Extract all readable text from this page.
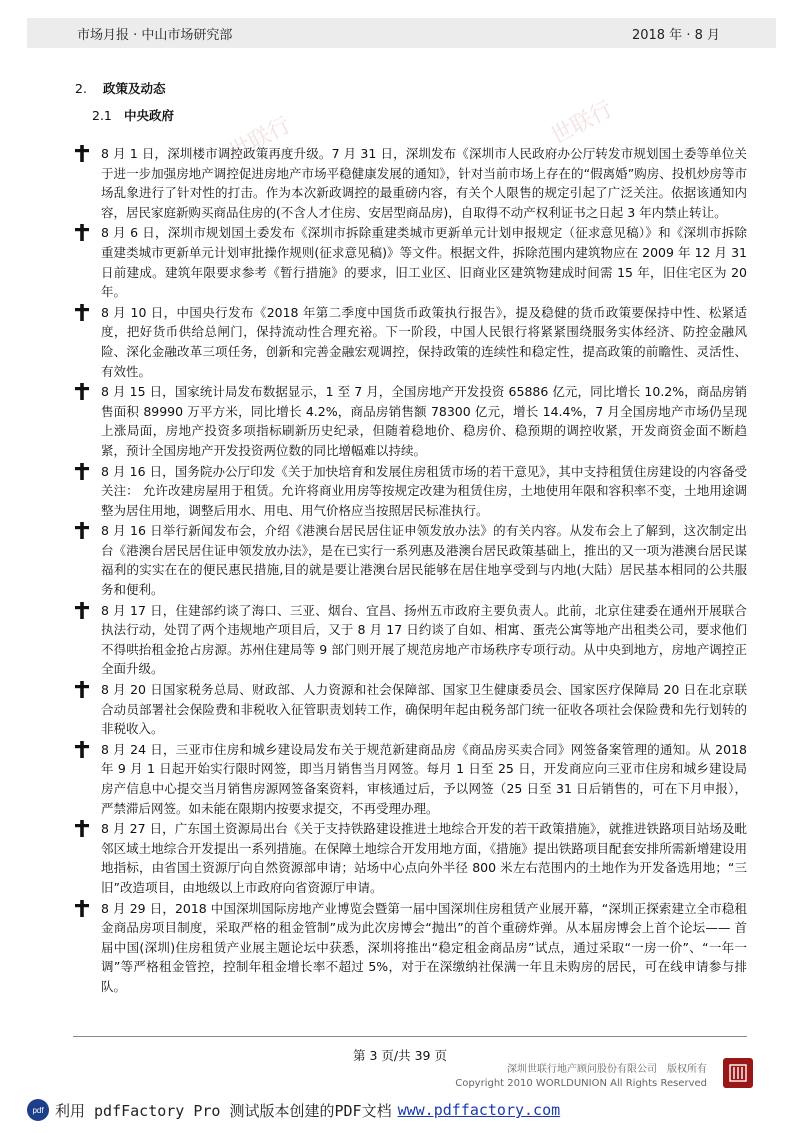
市场月报 · 中山市场研究部	2018 年 · 8 月
世联行	世联行
2. 政策及动态
2.1 中央政府
8 月 1 日，深圳楼市调控政策再度升级。7 月 31 日，深圳发布《深圳市人民政府办公厅转发市规划国土委等单位关于进一步加强房地产调控促进房地产市场平稳健康发展的通知》，针对当前市场上存在的“假离婚”购房、投机炒房等市场乱象进行了针对性的打击。作为本次新政调控的最重磅内容，有关个人限售的规定引起了广泛关注。依据该通知内容，居民家庭新购买商品住房的(不含人才住房、安居型商品房)，自取得不动产权利证书之日起 3 年内禁止转让。
8 月 6 日，深圳市规划国土委发布《深圳市拆除重建类城市更新单元计划申报规定（征求意见稿）》和《深圳市拆除重建类城市更新单元计划审批操作规则(征求意见稿)》等文件。根据文件，拆除范围内建筑物应在 2009 年 12 月 31 日前建成。建筑年限要求参考《暂行措施》的要求，旧工业区、旧商业区建筑物建成时间需 15 年，旧住宅区为 20 年。
8 月 10 日，中国央行发布《2018 年第二季度中国货币政策执行报告》，提及稳健的货币政策要保持中性、松紧适度，把好货币供给总闸门，保持流动性合理充裕。下一阶段，中国人民银行将紧紧围绕服务实体经济、防控金融风险、深化金融改革三项任务，创新和完善金融宏观调控，保持政策的连续性和稳定性，提高政策的前瞻性、灵活性、有效性。
8 月 15 日，国家统计局发布数据显示，1 至 7 月，全国房地产开发投资 65886 亿元，同比增长 10.2%，商品房销售面积 89990 万平方米，同比增长 4.2%，商品房销售额 78300 亿元，增长 14.4%，7 月全国房地产市场仍呈现上涨局面，房地产投资多项指标刷新历史纪录，但随着稳地价、稳房价、稳预期的调控收紧，开发商资金面不断趋紧，预计全国房地产开发投资两位数的同比增幅难以持续。
8 月 16 日，国务院办公厅印发《关于加快培育和发展住房租赁市场的若干意见》，其中支持租赁住房建设的内容备受关注： 允许改建房屋用于租赁。允许将商业用房等按规定改建为租赁住房，土地使用年限和容积率不变，土地用途调整为居住用地，调整后用水、用电、用气价格应当按照居民标准执行。
8 月 16 日举行新闻发布会，介绍《港澳台居民居住证申领发放办法》的有关内容。从发布会上了解到，这次制定出台《港澳台居民居住证申领发放办法》，是在已实行一系列惠及港澳台居民政策基础上，推出的又一项为港澳台居民谋福利的实实在在的便民惠民措施,目的就是要让港澳台居民能够在居住地享受到与内地(大陆）居民基本相同的公共服务和便利。
8 月 17 日，住建部约谈了海口、三亚、烟台、宜昌、扬州五市政府主要负责人。此前，北京住建委在通州开展联合执法行动，处罚了两个违规地产项目后，又于 8 月 17 日约谈了自如、相寓、蛋壳公寓等地产出租类公司，要求他们不得哄抬租金抢占房源。苏州住建局等 9 部门则开展了规范房地产市场秩序专项行动。从中央到地方，房地产调控正全面升级。
8 月 20 日国家税务总局、财政部、人力资源和社会保障部、国家卫生健康委员会、国家医疗保障局 20 日在北京联合动员部署社会保险费和非税收入征管职责划转工作，确保明年起由税务部门统一征收各项社会保险费和先行划转的非税收入。
8 月 24 日，三亚市住房和城乡建设局发布关于规范新建商品房《商品房买卖合同》网签备案管理的通知。从 2018 年 9 月 1 日起开始实行限时网签，即当月销售当月网签。每月 1 日至 25 日，开发商应向三亚市住房和城乡建设局房产信息中心提交当月销售房源网签备案资料，审核通过后，予以网签（25 日至 31 日后销售的，可在下月申报），严禁滞后网签。如未能在限期内按要求提交，不再受理办理。
8 月 27 日，广东国土资源局出台《关于支持铁路建设推进土地综合开发的若干政策措施》，就推进铁路项目站场及毗邻区域土地综合开发提出一系列措施。在保障土地综合开发用地方面，《措施》提出铁路项目配套安排所需新增建设用地指标，由省国土资源厅向自然资源部申请；站场中心点向外半径 800 米左右范围内的土地作为开发备选用地；“三旧”改造项目，由地级以上市政府向省资源厅申请。
8 月 29 日，2018 中国深圳国际房地产业博览会暨第一届中国深圳住房租赁产业展开幕，“深圳正探索建立全市稳租金商品房项目制度，采取严格的租金管制”成为此次房博会“抛出”的首个重磅炸弹。从本届房博会上首个论坛—— 首届中国(深圳)住房租赁产业展主题论坛中获悉，深圳将推出“稳定租金商品房”试点，通过采取“一房一价”、“一年一调”等严格租金管控，控制年租金增长率不超过 5%，对于在深缴纳社保满一年且未购房的居民，可在线申请参与排队。
第 3 页/共 39 页
深圳世联行地产顾问股份有限公司　版权所有
Copyright 2010 WORLDUNION All Rights Reserved
pdf 利用 pdfFactory Pro 测试版本创建的PDF文档 www.pdffactory.com
